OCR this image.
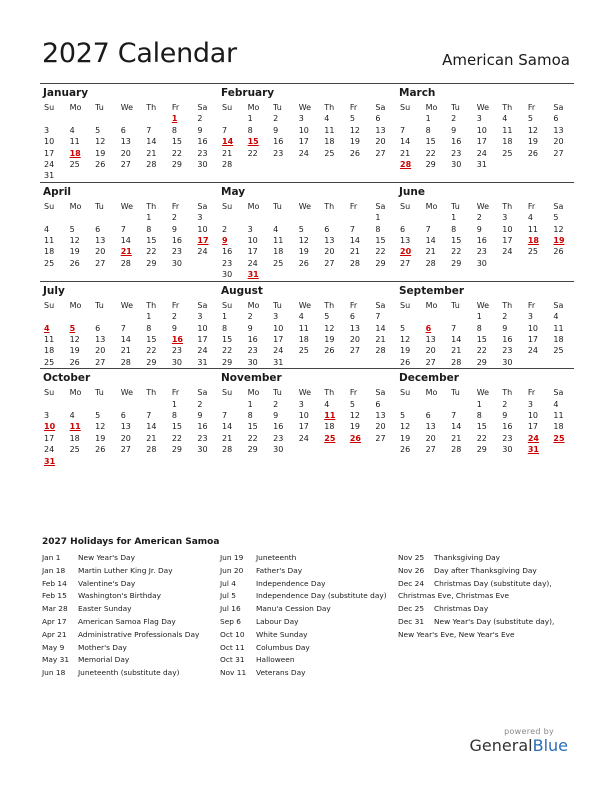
2027 Calendar	American Samoa
January
Su	Mo	Tu	We	Th	Fr	Sa
					1	2
3	4	5	6	7	8	9
10	11	12	13	14	15	16
17	18	19	20	21	22	23
24	25	26	27	28	29	30
31						
February
Su	Mo	Tu	We	Th	Fr	Sa
	1	2	3	4	5	6
7	8	9	10	11	12	13
14	15	16	17	18	19	20
21	22	23	24	25	26	27
28						
March
Su	Mo	Tu	We	Th	Fr	Sa
	1	2	3	4	5	6
7	8	9	10	11	12	13
14	15	16	17	18	19	20
21	22	23	24	25	26	27
28	29	30	31			
April
Su	Mo	Tu	We	Th	Fr	Sa
				1	2	3
4	5	6	7	8	9	10
11	12	13	14	15	16	17
18	19	20	21	22	23	24
25	26	27	28	29	30	
May
Su	Mo	Tu	We	Th	Fr	Sa
						1
2	3	4	5	6	7	8
9	10	11	12	13	14	15
16	17	18	19	20	21	22
23	24	25	26	27	28	29
30	31					
June
Su	Mo	Tu	We	Th	Fr	Sa
		1	2	3	4	5
6	7	8	9	10	11	12
13	14	15	16	17	18	19
20	21	22	23	24	25	26
27	28	29	30			
July
Su	Mo	Tu	We	Th	Fr	Sa
				1	2	3
4	5	6	7	8	9	10
11	12	13	14	15	16	17
18	19	20	21	22	23	24
25	26	27	28	29	30	31
August
Su	Mo	Tu	We	Th	Fr	Sa
1	2	3	4	5	6	7
8	9	10	11	12	13	14
15	16	17	18	19	20	21
22	23	24	25	26	27	28
29	30	31				
September
Su	Mo	Tu	We	Th	Fr	Sa
			1	2	3	4
5	6	7	8	9	10	11
12	13	14	15	16	17	18
19	20	21	22	23	24	25
26	27	28	29	30		
October
Su	Mo	Tu	We	Th	Fr	Sa
					1	2
3	4	5	6	7	8	9
10	11	12	13	14	15	16
17	18	19	20	21	22	23
24	25	26	27	28	29	30
31						
November
Su	Mo	Tu	We	Th	Fr	Sa
	1	2	3	4	5	6
7	8	9	10	11	12	13
14	15	16	17	18	19	20
21	22	23	24	25	26	27
28	29	30				
December
Su	Mo	Tu	We	Th	Fr	Sa
			1	2	3	4
5	6	7	8	9	10	11
12	13	14	15	16	17	18
19	20	21	22	23	24	25
26	27	28	29	30	31	
2027 Holidays for American Samoa
Jan 1	New Year's Day
Jan 18	Martin Luther King Jr. Day
Feb 14	Valentine's Day
Feb 15	Washington's Birthday
Mar 28	Easter Sunday
Apr 17	American Samoa Flag Day
Apr 21	Administrative Professionals Day
May 9	Mother's Day
May 31	Memorial Day
Jun 18	Juneteenth (substitute day)
Jun 19	Juneteenth
Jun 20	Father's Day
Jul 4	Independence Day
Jul 5	Independence Day (substitute day)
Jul 16	Manu'a Cession Day
Sep 6	Labour Day
Oct 10	White Sunday
Oct 11	Columbus Day
Oct 31	Halloween
Nov 11	Veterans Day
Nov 25	Thanksgiving Day
Nov 26	Day after Thanksgiving Day
Dec 24	Christmas Day (substitute day),
Christmas Eve, Christmas Eve
Dec 25	Christmas Day
Dec 31	New Year's Day (substitute day),
New Year's Eve, New Year's Eve
powered by
GeneralBlue
